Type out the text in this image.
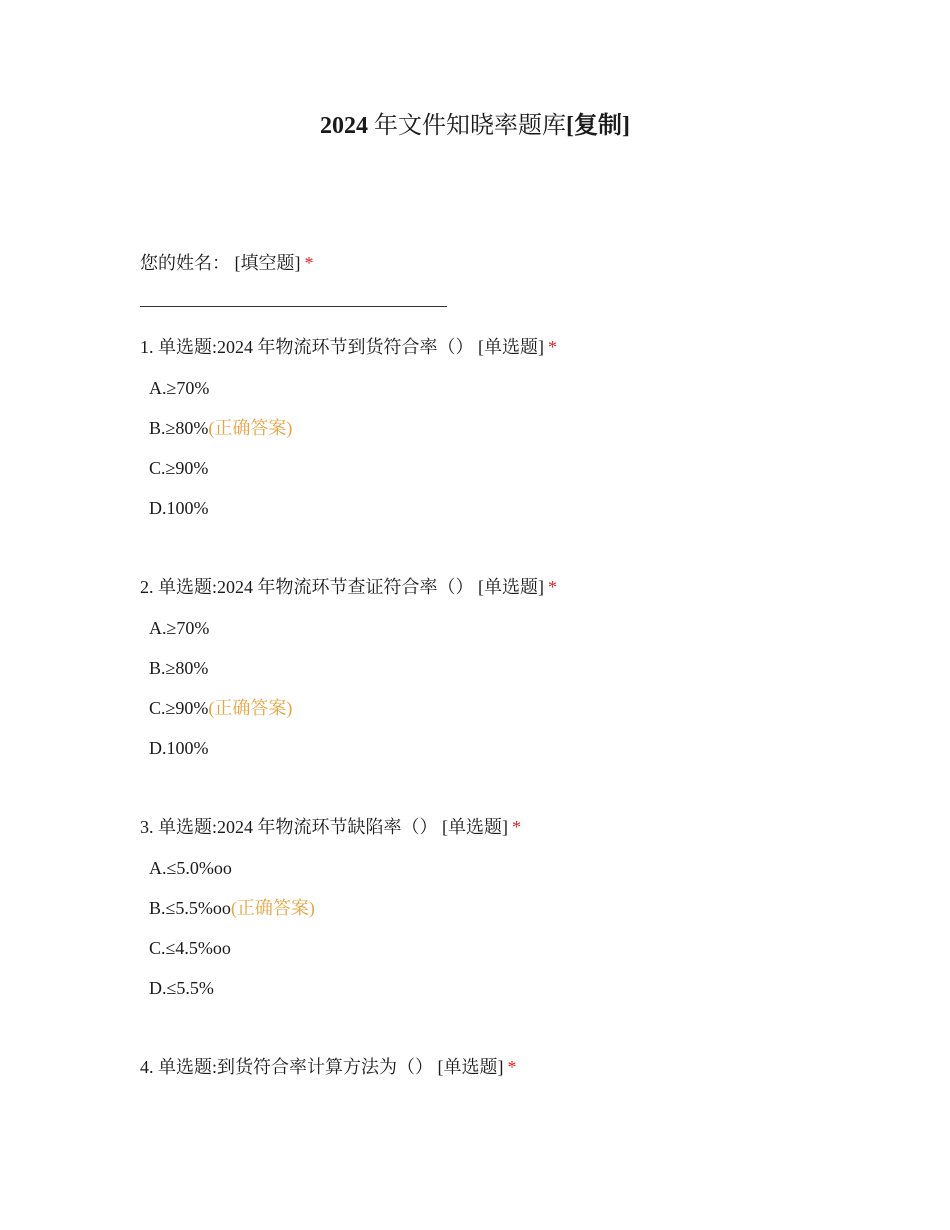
2024 年文件知晓率题库[复制]
您的姓名： [填空题] *
1. 单选题:2024 年物流环节到货符合率（） [单选题] *
A.≥70%
B.≥80%(正确答案)
C.≥90%
D.100%
2. 单选题:2024 年物流环节查证符合率（） [单选题] *
A.≥70%
B.≥80%
C.≥90%(正确答案)
D.100%
3. 单选题:2024 年物流环节缺陷率（） [单选题] *
A.≤5.0%oo
B.≤5.5%oo(正确答案)
C.≤4.5%oo
D.≤5.5%
4. 单选题:到货符合率计算方法为（） [单选题] *
